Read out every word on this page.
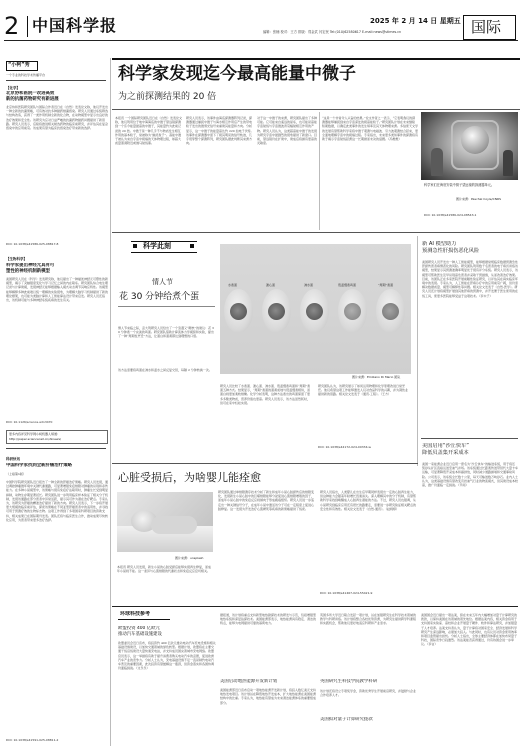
2 中国科学报	2025 年 2 月 14 日 星期五
编辑：张楠 校对：王方 排版：郑金武 闫宏民 Tel:(010)62580617 E-mail:news@stimes.cn	国际
“小柯”秀
一个专业的科技学术传播平台
【化学】
北京协和医院一改进高效
新的抗菌药物研究有新进展
北京协和医院研究团队与国际合作者近日在《自然》发表论文称，他们开发出一种全新的抗菌策略，可有效对抗多种耐药细菌感染。研究人员通过系统筛选与结构改造，获得了一类作用机制全新的化合物，在动物模型中显示出良好的治疗效果和安全性。该研究为应对日益严峻的抗菌药物耐药问题提供了新思路。研究人员表示，后续将推进相关候选药物的临床前研究，并评估其在复杂感染中的应用前景。该成果有望为临床抗感染治疗带来新的选择。
DOI: 10.1038/s41586-025-08817-8
【生物科学】
科学家提出神经元具有可
塑性的神经机制新模型
美国研究人员在《科学》发表研究称，他们提出了一种描述神经元可塑性的新模型，揭示了突触强度变化与学习记忆之间的内在联系。研究团队综合电生理记录与计算建模，发现神经元能够根据输入模式动态调节其响应特性。该模型能够解释多种此前难以统一理解的实验现象，为理解大脑学习机制提供了新的理论框架，也可能为类脑计算和人工智能算法设计带来启发。研究人员还指出，该机制可能与多种神经系统疾病的发生有关。
DOI: 10.1126/science.adn3470
更多内容详见科学网小柯机器人频道：
http://paper.sciencenet.cn/AInews/
科研快讯
中国科学家找到全新肝癌治疗策略
（上接第1版）
中国科学院研究团队近日报告了一种全新的肝癌治疗策略。研究人员发现，通过调控肿瘤微环境中关键代谢通路，可显著增强免疫细胞对肿瘤的识别和杀伤能力。在多种小鼠模型中，该策略与现有免疫疗法联用时，肿瘤生长受到明显抑制，动物生存期显著延长。研究团队进一步利用临床样本验证了相关分子机制，发现该通路在部分患者中异常活跃，提示其可作为潜在治疗靶点。专家认为，该研究为肝癌的精准治疗提供了新的方向。研究人员表示，下一步将开展更大规模的临床前评估，探索该策略在不同亚型肝癌患者中的适用性，并寻找可用于预测疗效的生物标志物。这项工作得到了多项国家科研项目的资助支持，相关成果已在国际期刊发表。团队还将与临床医生合作，推动成果尽快转化应用，为患者带来更多治疗选择。
DOI: 10.1038/s41591-025-08811-2
科学家发现迄今最高能量中微子
为之前探测结果的 20 倍
本报讯 一个国际研究团队近日在《自然》发表论文称，他们利用位于地中海海底的中微子望远镜探测到一个迄今能量最高的中微子，其能量约为此前记录的 20 倍。中微子是一种几乎不与物质发生相互作用的基本粒子，常被称为“幽灵粒子”。高能中微子被认为来自宇宙中极端的天体物理过程，如超大质量黑洞附近或伽马射线暴。
研究人员表示，该事件由海底探测器阵列记录，探测器通过捕捉中微子与海水相互作用后产生的带电粒子发出的微弱光信号来重建其能量和方向。分析显示，这一中微子的能量高达约 220 拍电子伏特。该事件在探测器中留下了极其明亮的信号轨迹，几乎贯穿整个探测阵列，研究团队据此判断其来源方向。
对于这一中微子的来源，研究团队提出了多种可能。它可能来自遥远的星系，也可能是高能宇宙射线与宇宙微波背景辐射相互作用的产物。研究人员认为，这类超高能中微子的发现为研究宇宙中最剧烈的现象提供了新窗口。目前，望远镜仍在扩建中，建成后将拥有更高的灵敏度。
“这是一个非常令人兴奋的结果。”论文作者之一表示，“它表明我们的探测器能够捕捉到来自宇宙深处的极高能粒子。”研究团队计划在未来继续积累数据，以确定此类事件的发生频率及其天体物理来源。多信使天文学的发展有望帮助科学家将中微子观测与电磁波、引力波观测结合起来，更全面地理解宇宙中的极端过程。专家指出，未来更多类似事件的探测将有助于揭示宇宙射线起源这一长期悬而未决的谜题。（冯维维）
科学家们在海底安装中微子望远镜的探测器单元。
图片来源：Paschal Coyle/CNRS
DOI: 10.1038/s41586-024-08543-1
科学此刻
情人节
花 30 分钟给煮个蛋
情人节来临之际，意大利研究人员给出了一个浪漫又“硬核”的建议：花 30 分钟煮一个完美的鸡蛋。研究团队借助计算流体力学模拟和实验，提出了一种“周期性烹饪”方法，让蛋白和蛋黄都达到理想的口感。
该方法需要将鸡蛋在沸水和温水之间反复交替，每隔 2 分钟转换一次。
水煮蛋	溏心蛋	沸水蛋	低温慢煮鸡蛋	“周期”煮蛋
图片来源：Emiliano Di Mario 团队
研究人员比较了水煮蛋、溏心蛋、沸水蛋、低温慢煮鸡蛋和“周期”煮蛋五种方式。结果显示，“周期”煮蛋的蛋黄质地与低温慢煮相似，而蛋白则更加柔软细嫩。化学分析表明，这种方法煮出的鸡蛋保留了更多多酚类物质，营养价值也更高。研究人员表示，该方法虽然耗时，但可在家中轻松实现。
研究团队认为，该研究展示了如何运用物理和化学原理改进日常烹饪。他们希望这项工作能够激发人们对食品科学的兴趣，并为餐饮业提供新的思路。相关论文发表于《通讯-工程》。（王方）
DOI: 10.1038/s44172-024-00334-w
新 AI 模型助力
预测急性肝损伤恶化风险
美国研究人员开发出一种人工智能模型，能够根据常规临床数据预测急性肝损伤患者病情恶化的风险。研究团队利用数千名患者的电子病历训练该模型，结果显示其预测准确率明显优于现有评分系统。研究人员表示，该模型可帮助医生及早识别高危患者并采取干预措施，从而改善治疗效果。目前，该团队正在多家医院开展前瞻性验证研究，以评估其在真实临床环境中的表现。专家认为，人工智能在肝病诊疗中的应用前景广阔，但仍需解决数据质量、模型可解释性等问题。相关论文发表于《自然-医学》。研究人员还计划将模型扩展到其他肝病的预测中，并开发便于医生使用的在线工具，使更多医院能够受益于这项技术。（李木子）
美国启用“沙丘快车”
降低贝盖集开采成本
美国一家能源企业近日启用一套名为“沙丘快车”的输送系统，用于将压裂砂从矿区直接运送至油气井场。该系统通过长距离传送带替代大量卡车运输，可显著降低开采成本和碳排放，同时减少道路拥堵和交通事故风险。公司表示，该系统全长数十公里，每天可输送数万吨砂石。业内人士认为，这类基础设施有望改变页岩油气行业的物流模式，但其建设成本较高，推广仍面临一定挑战。（辛雨）
心脏受损后，为啥婴儿能痊愈
图片来源：unsplash
本报讯 研究人员发现，新生小鼠的心脏受损后能够实现再生修复，而成年小鼠则不能。这一差异与心肌细胞的代谢状态和免疫反应密切相关。
研究团队通过单细胞测序技术分析了新生和成年小鼠心脏损伤后的细胞变化，发现新生小鼠心脏中的巨噬细胞能够分泌促进心肌细胞增殖的因子，而成年小鼠心脏中的免疫反应则倾向于形成瘢痕组织。研究人员进一步鉴定出一种关键信号分子，在成年小鼠中激活该分子可在一定程度上促进心脏修复。这一发现为开发治疗心肌梗死等疾病的新策略提供了线索。
研究人员指出，人类婴儿在出生后早期同样表现出一定的心脏再生能力，但这种能力会随着年龄增长迅速消失。深入理解其中的分子机制，有望帮助科学家找到唤醒成人心脏再生潜能的方法。不过，研究人员也强调，从小鼠研究到临床应用还有很长的路要走，需要进一步研究验证相关靶点的安全性和有效性。相关论文发表于《自然-通讯》。（赵婉婷）
DOI: 10.1038/s41467-024-55421-9
环球科技参考
欧盟投资 400 亿欧元
推动汽车基础设施建设
欧盟委员会近日宣布，将投资约 400 亿欧元推动电动汽车充电设施和相关基础设施建设，以加快交通领域的绿色转型。根据计划，欧盟将在主要交通干线沿线建设大量快速充电站，并支持成员国完善城市充电网络。欧盟官员表示，这一举措将有助于提升消费者购买电动汽车的意愿，促进欧洲汽车产业的竞争力。分析人士认为，充电基础设施不足一直是制约电动汽车普及的重要因素，此次投资有望缓解这一瓶颈，但资金落实和各国协调仍面临挑战。（文乐乐）
据报道，该计划将重点支持新型地热勘探技术的研发与示范，包括增强型地热系统和深层钻探技术。美国能源部表示，地热能源具有稳定、清洁的特点，能够为电网提供可靠的基荷电力。
美国启动地热能源开发新计划
美国能源部近日宣布启动一项地热能源开发新计划，将投入数亿美元支持地热发电项目。该计划旨在降低地热开发成本，扩大地热能源在美国能源结构中的比重。专家认为，地热能有望成为未来清洁能源体系的重要组成部分。
英国研究生科技学院教学科研
英国多所大学近日联合发起一项计划，旨在加强研究生在科学技术领域的教学与科研训练。该计划将整合各校优势资源，为研究生提供跨学科课程和实践机会，帮助他们更好地适应科研和产业需求。
美国拟对量子计算研究拨款
该计划还将设立专项奖学金，资助优秀学生开展前沿研究，并鼓励与企业合作培养人才。
美国国会近日提出一项法案，拟在未来五年内大幅增加对量子计算研究的拨款，以保持美国在该领域的领先地位。根据法案内容，相关资金将用于支持国家实验室、高校和企业开展量子硬件、软件和算法研究，并加强量子人才培养。法案支持者认为，量子计算将对国家安全、经济发展和科学研究产生深远影响，必须加大投入。与此同时，也有议员对资金使用效率和项目监管提出担忧。分析人士指出，全球主要经济体都在加快布局量子科技，国际竞争日趋激烈。该法案能否获得通过，仍有待国会进一步审议。（李言）
